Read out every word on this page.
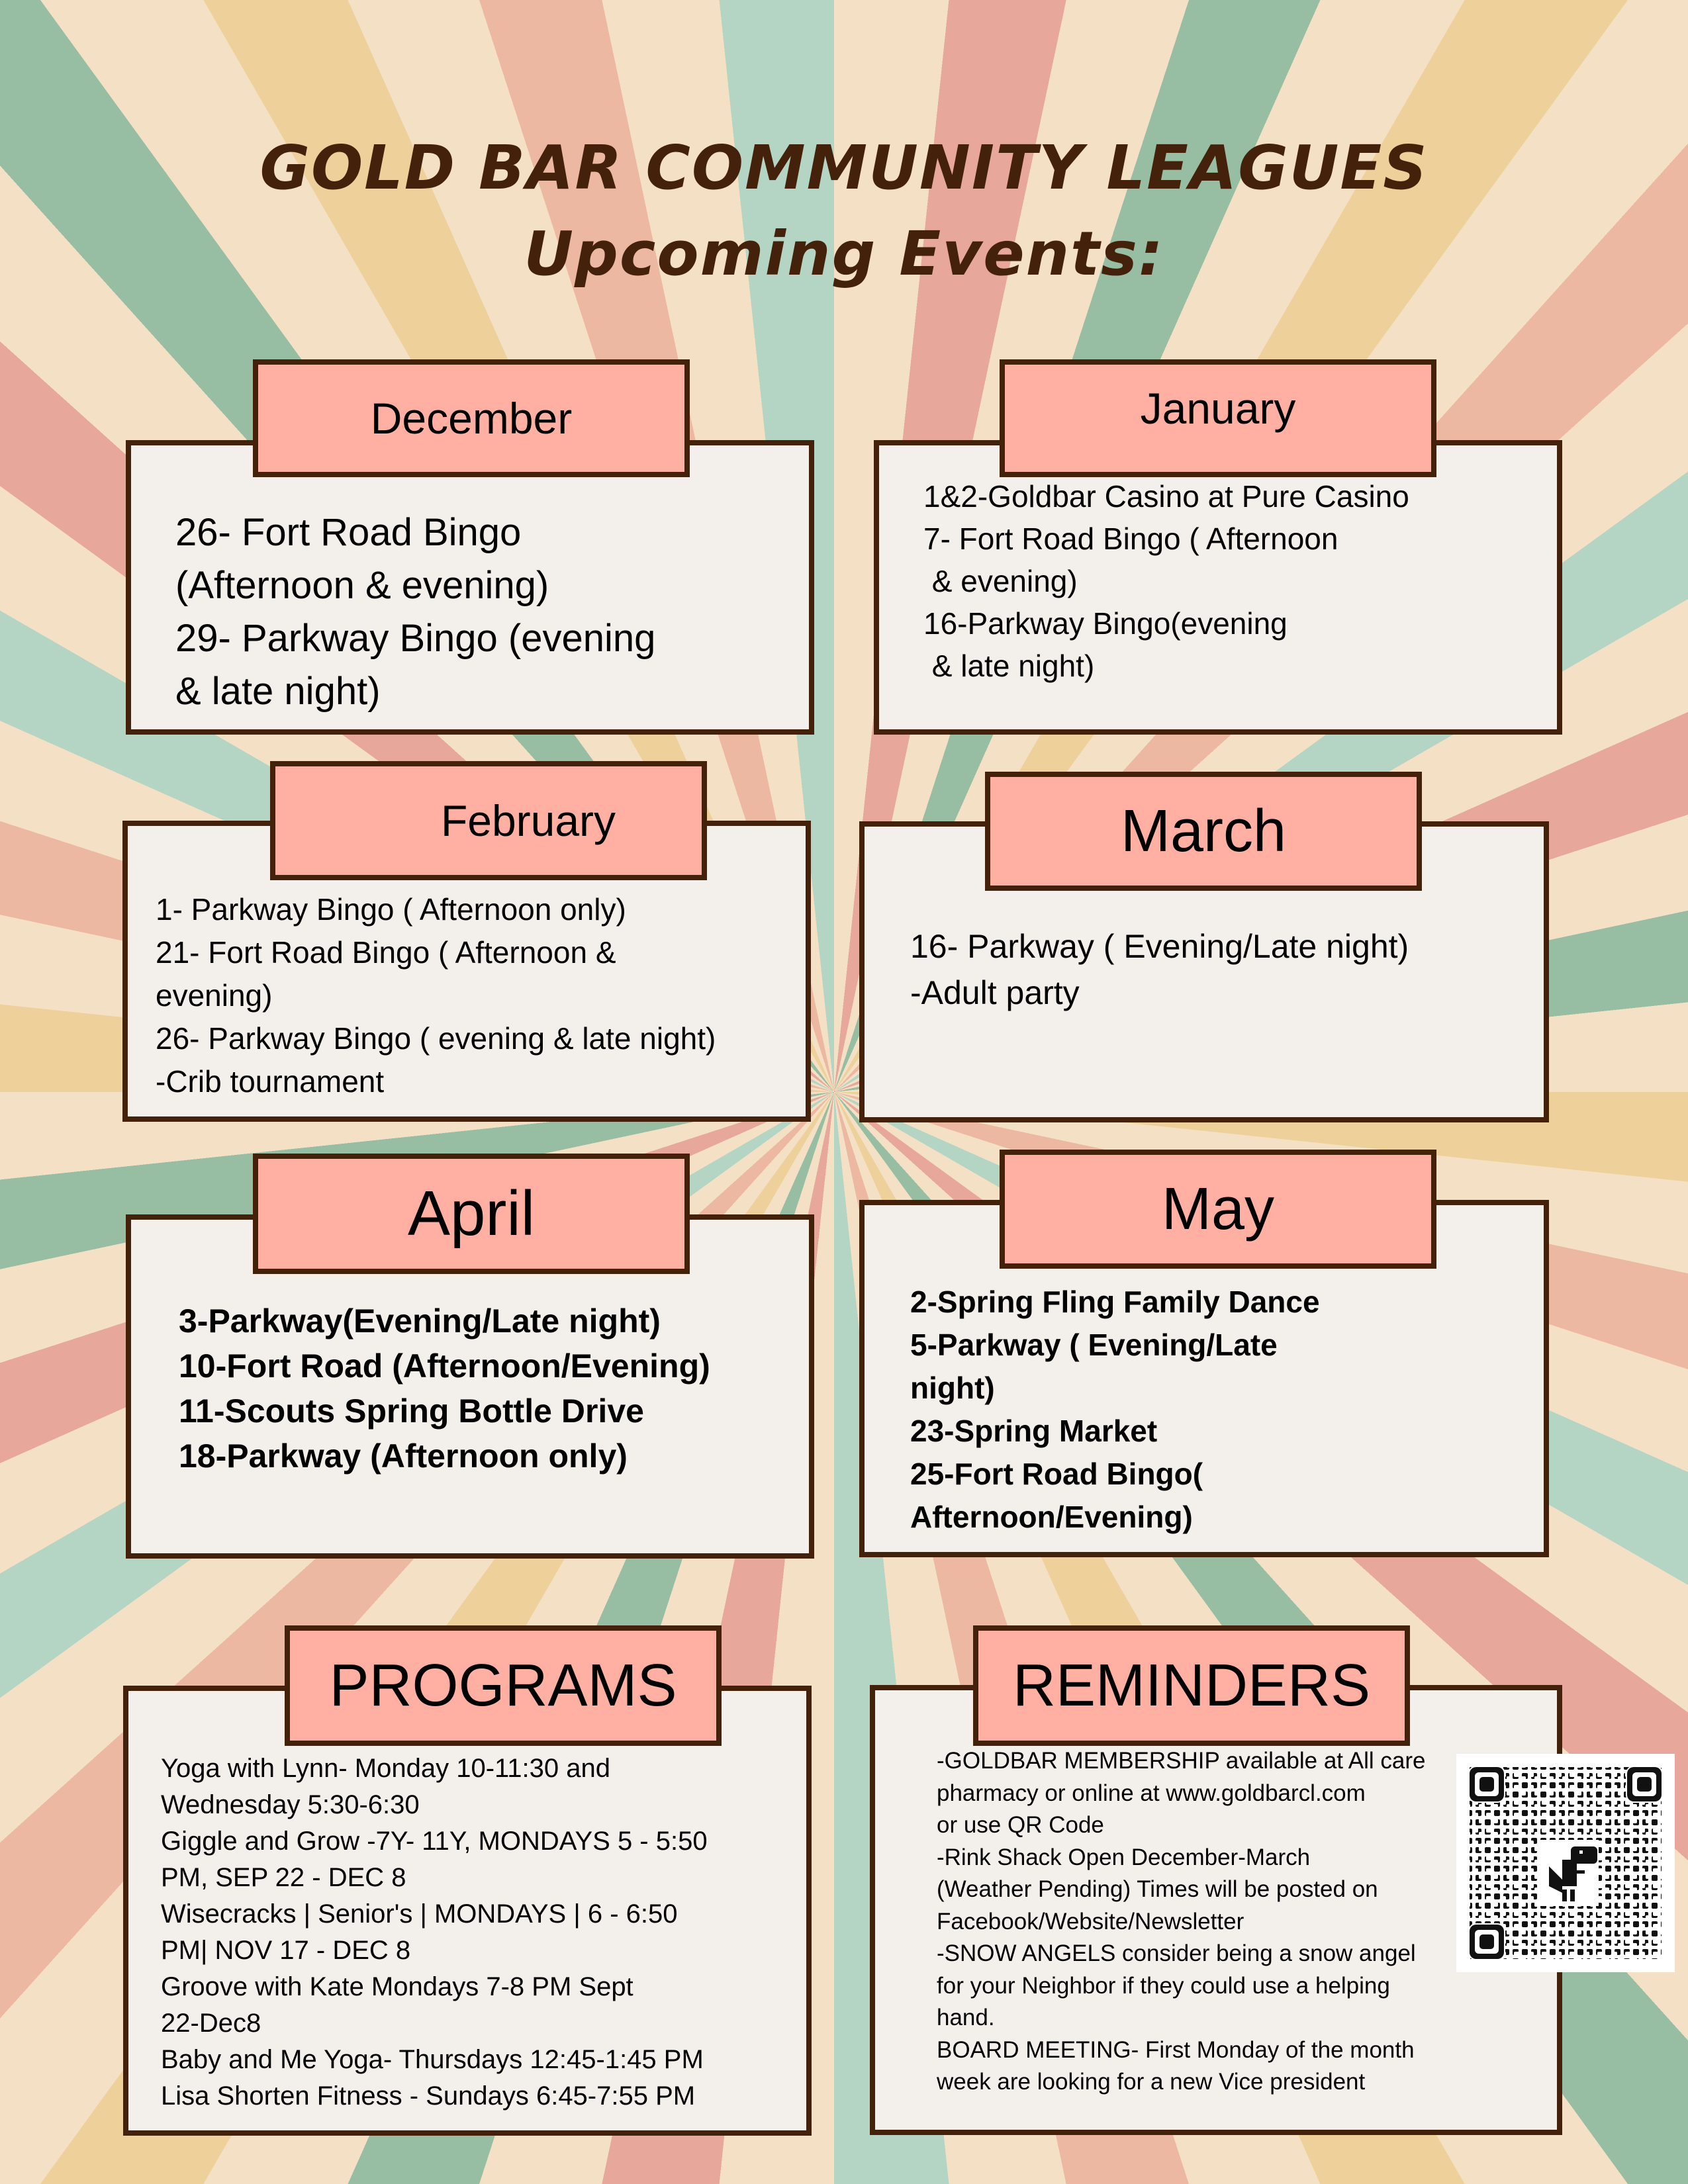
GOLD BAR COMMUNITY LEAGUES
Upcoming Events:
December
26- Fort Road Bingo
(Afternoon & evening)
29- Parkway Bingo (evening
& late night)
January
1&2-Goldbar Casino at Pure Casino
7- Fort Road Bingo ( Afternoon
& evening)
16-Parkway Bingo(evening
& late night)
February
1- Parkway Bingo ( Afternoon only)
21- Fort Road Bingo ( Afternoon &
evening)
26- Parkway Bingo ( evening & late night)
-Crib tournament
March
16- Parkway ( Evening/Late night)
-Adult party
April
3-Parkway(Evening/Late night)
10-Fort Road (Afternoon/Evening)
11-Scouts Spring Bottle Drive
18-Parkway (Afternoon only)
May
2-Spring Fling Family Dance
5-Parkway ( Evening/Late
night)
23-Spring Market
25-Fort Road Bingo(
Afternoon/Evening)
PROGRAMS
Yoga with Lynn- Monday 10-11:30 and
Wednesday 5:30-6:30
Giggle and Grow -7Y- 11Y, MONDAYS 5 - 5:50
PM, SEP 22 - DEC 8
Wisecracks | Senior's | MONDAYS | 6 - 6:50
PM| NOV 17 - DEC 8
Groove with Kate Mondays 7-8 PM Sept
22-Dec8
Baby and Me Yoga- Thursdays 12:45-1:45 PM
Lisa Shorten Fitness - Sundays 6:45-7:55 PM
REMINDERS
-GOLDBAR MEMBERSHIP available at All care
pharmacy or online at www.goldbarcl.com
or use QR Code
-Rink Shack Open December-March
(Weather Pending) Times will be posted on
Facebook/Website/Newsletter
-SNOW ANGELS consider being a snow angel
for your Neighbor if they could use a helping
hand.
BOARD MEETING- First Monday of the month
week are looking for a new Vice president
